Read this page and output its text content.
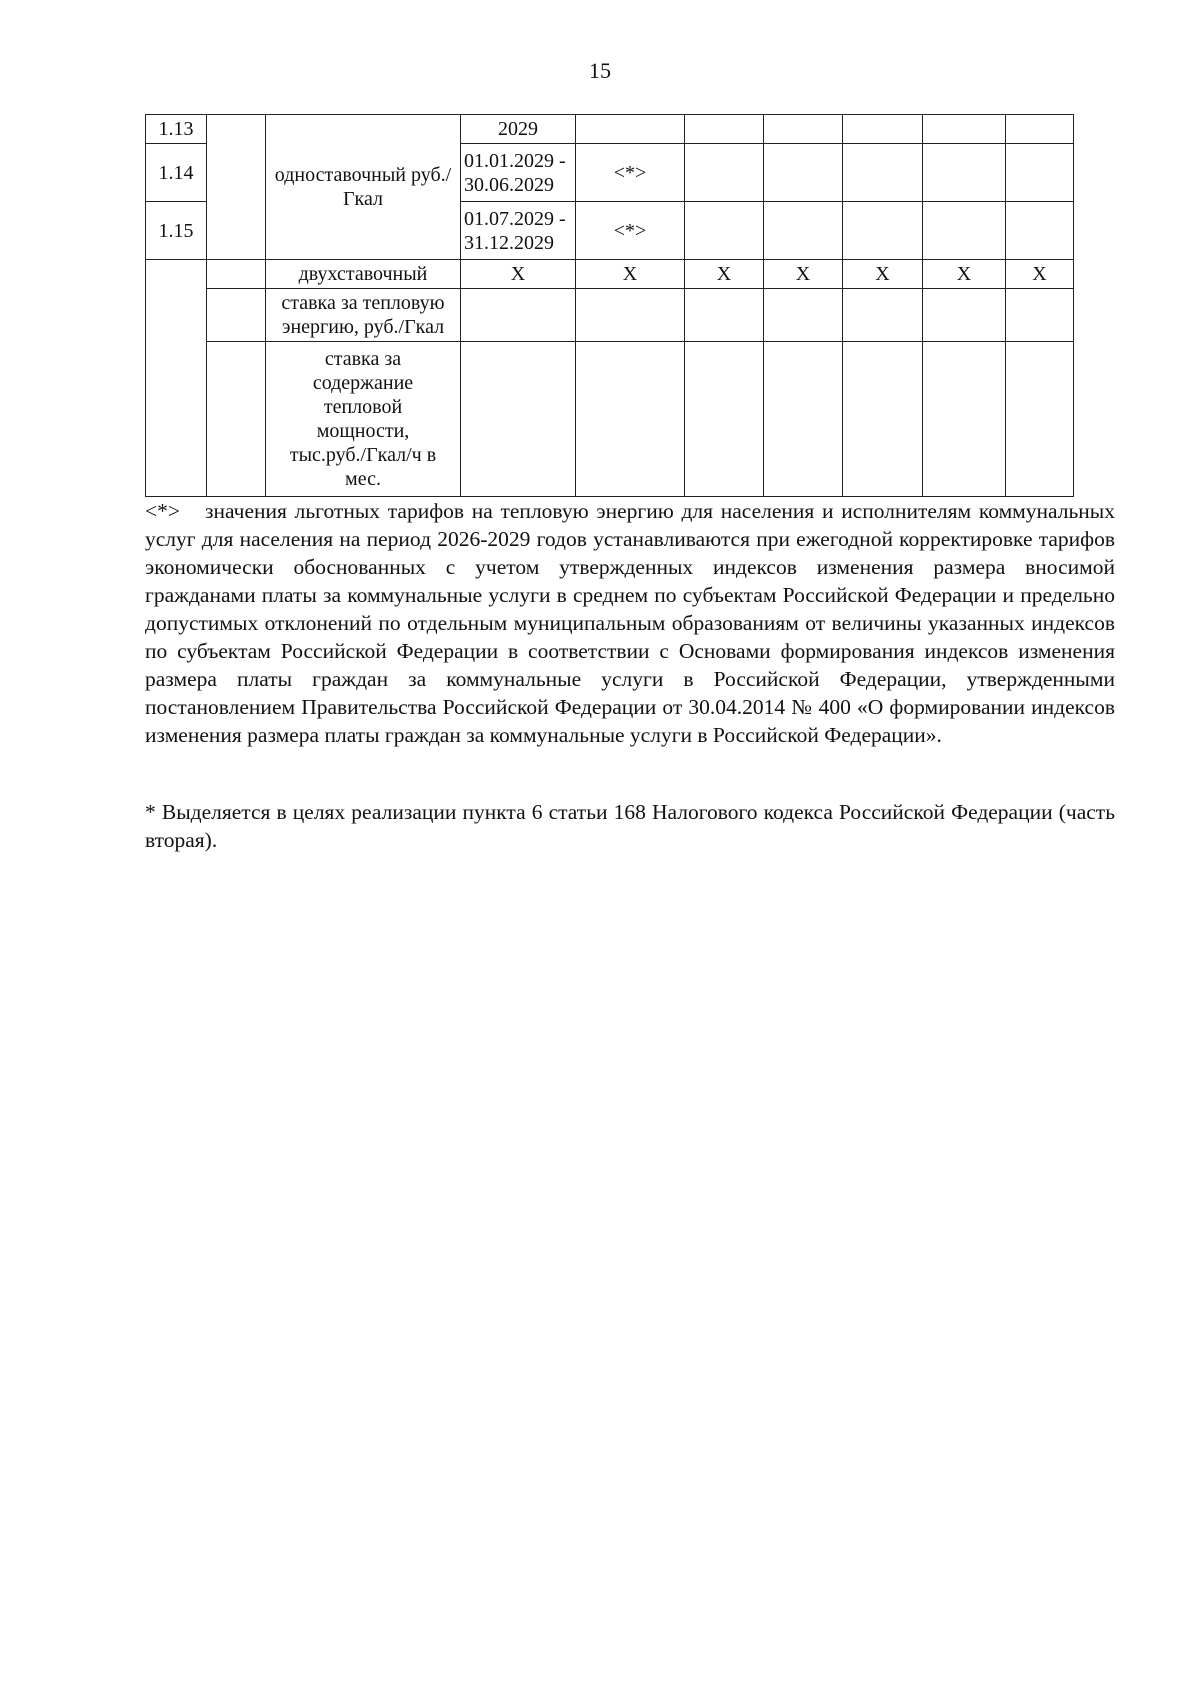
15
1.13		одноставочный руб./Гкал	2029						
1.14			01.01.2029 - 30.06.2029	<*>					
1.15			01.07.2029 - 31.12.2029	<*>					
		двухставочный	X	X	X	X	X	X	X
		ставка за тепловую энергию, руб./Гкал							
		ставка за содержание тепловой мощности, тыс.руб./Гкал/ч в мес.							

<*> значения льготных тарифов на тепловую энергию для населения и исполнителям коммунальных услуг для населения на период 2026-2029 годов устанавливаются при ежегодной корректировке тарифов экономически обоснованных с учетом утвержденных индексов изменения размера вносимой гражданами платы за коммунальные услуги в среднем по субъектам Российской Федерации и предельно допустимых отклонений по отдельным муниципальным образованиям от величины указанных индексов по субъектам Российской Федерации в соответствии с Основами формирования индексов изменения размера платы граждан за коммунальные услуги в Российской Федерации, утвержденными постановлением Правительства Российской Федерации от 30.04.2014 № 400 «О формировании индексов изменения размера платы граждан за коммунальные услуги в Российской Федерации».

* Выделяется в целях реализации пункта 6 статьи 168 Налогового кодекса Российской Федерации (часть вторая).
